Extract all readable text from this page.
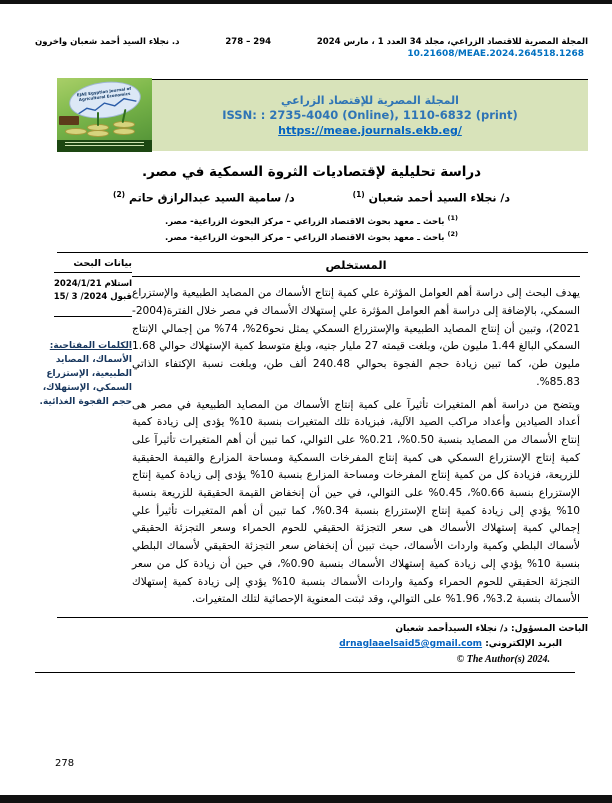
المجلة المصرية للاقتصاد الزراعي، مجلد 34 العدد 1 ، مارس 2024
278 – 294
د. نجلاء السيد أحمد شعبان واخرون
10.21608/MEAE.2024.264518.1268
EJAE Egyptian Journal of Agricultural Economics	المجلة المصرية للإقتصاد الزراعي
ISSN: : 2735-4040 (Online), 1110-6832 (print)
https://meae.journals.ekb.eg/
دراسة تحليلية لإقتصاديات الثروة السمكية في مصر.
د/ نجلاء السيد أحمد شعبان $^{(1)}$
د/ سامية السيد عبدالرازق حاتم $^{(2)}$
$^{(1)}$ باحث ـ معهد بحوث الاقتصاد الزراعي – مركز البحوث الزراعية- مصر.
$^{(2)}$ باحث ـ معهد بحوث الاقتصاد الزراعي – مركز البحوث الزراعية- مصر.
بيانات البحث
استلام 2024/1/21
قبول 2024/ 3 /15
الكلمات المفتاحية:
الأسماك، المصايد الطبيعية، الإستزراع السمكي، الإستهلاك، حجم الفجوة الغذائية.
المستخلص

يهدف البحث إلى دراسة أهم العوامل المؤثرة علي كمية إنتاج الأسماك من المصايد الطبيعية والإستزراع السمكي، بالإضافة إلى دراسة أهم العوامل المؤثرة علي إستهلاك الأسماك في مصر خلال الفترة(2004-2021)، وتبين أن إنتاج المصايد الطبيعية والإستزراع السمكي يمثل نحو26%، 74% من إجمالي الإنتاج السمكي البالغ 1.44 مليون طن، وبلغت قيمته 27 مليار جنيه، وبلغ متوسط كمية الإستهلاك حوالي 1.68 مليون طن، كما تبين زيادة حجم الفجوة بحوالي 240.48 ألف طن، وبلغت نسبة الإكتفاء الذاتي 85.83%.

ويتضح من دراسة أهم المتغيرات تأثيرآ على كمية إنتاج الأسماك من المصايد الطبيعية في مصر هى أعداد الصيادين وأعداد مراكب الصيد الآلية، فبزيادة تلك المتغيرات بنسبة 10% يؤدى إلى زيادة كمية إنتاج الأسماك من المصايد بنسبة 0.50%، 0.21% على التوالي، كما تبين أن أهم المتغيرات تأثيرآ على كمية إنتاج الإستزراع السمكي هى كمية إنتاج المفرخات السمكية ومساحة المزارع والقيمة الحقيقية للزريعة، فزيادة كل من كمية إنتاج المفرخات ومساحة المزارع بنسبة 10% يؤدى إلى زيادة كمية إنتاج الإستزراع بنسبة 0.66%، 0.45% على التوالي، في حين أن إنخفاض القيمة الحقيقية للزريعة بنسبة 10% يؤدي إلى زيادة كمية إنتاج الإستزراع بنسبة 0.34%، كما تبين أن أهم المتغيرات تأثيرأ علي إجمالي كمية إستهلاك الأسماك هى سعر التجزئة الحقيقي للحوم الحمراء وسعر التجزئة الحقيقي لأسماك البلطي وكمية واردات الأسماك، حيث تبين أن إنخفاض سعر التجزئة الحقيقي لأسماك البلطي بنسبة 10% يؤدي إلى زيادة كمية إستهلاك الأسماك بنسبة 0.90%، في حين أن زيادة كل من سعر التجزئة الحقيقي للحوم الحمراء وكمية واردات الأسماك بنسبة 10% يؤدي إلى زيادة كمية إستهلاك الأسماك بنسبة 3.2%، 1.96% على التوالي، وقد ثبتت المعنوية الإحصائية لتلك المتغيرات.

الباحث المسؤول: د/ نجلاء السيدأحمد شعبان
البريد الإلكتروني: drnaglaaelsaid5@gmail.com
© The Author(s) 2024.
278
